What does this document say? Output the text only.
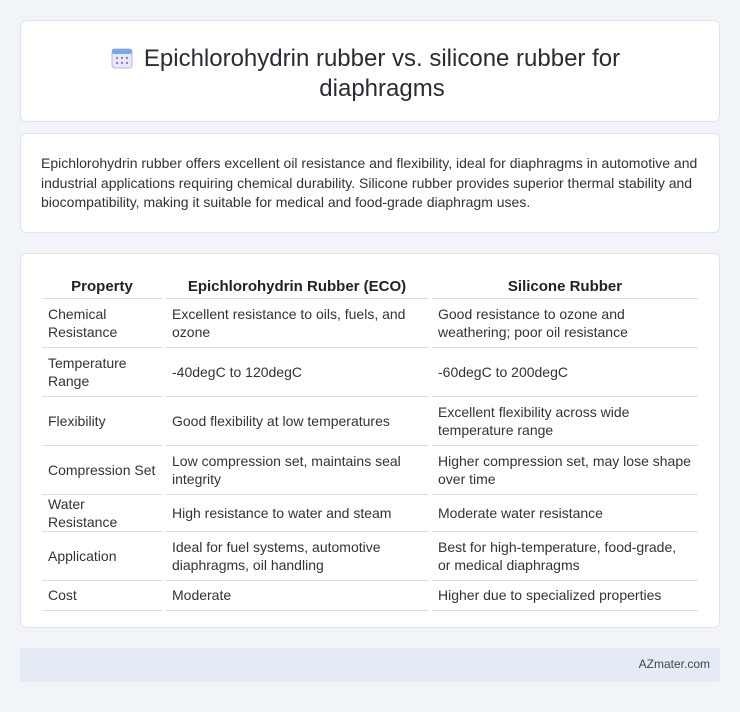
Epichlorohydrin rubber vs. silicone rubber for diaphragms

Epichlorohydrin rubber offers excellent oil resistance and flexibility, ideal for diaphragms in automotive and industrial applications requiring chemical durability. Silicone rubber provides superior thermal stability and biocompatibility, making it suitable for medical and food-grade diaphragm uses.

Property	Epichlorohydrin Rubber (ECO)	Silicone Rubber
Chemical Resistance	Excellent resistance to oils, fuels, and ozone	Good resistance to ozone and weathering; poor oil resistance
Temperature Range	-40degC to 120degC	-60degC to 200degC
Flexibility	Good flexibility at low temperatures	Excellent flexibility across wide temperature range
Compression Set	Low compression set, maintains seal integrity	Higher compression set, may lose shape over time
Water Resistance	High resistance to water and steam	Moderate water resistance
Application	Ideal for fuel systems, automotive diaphragms, oil handling	Best for high-temperature, food-grade, or medical diaphragms
Cost	Moderate	Higher due to specialized properties
AZmater.com
